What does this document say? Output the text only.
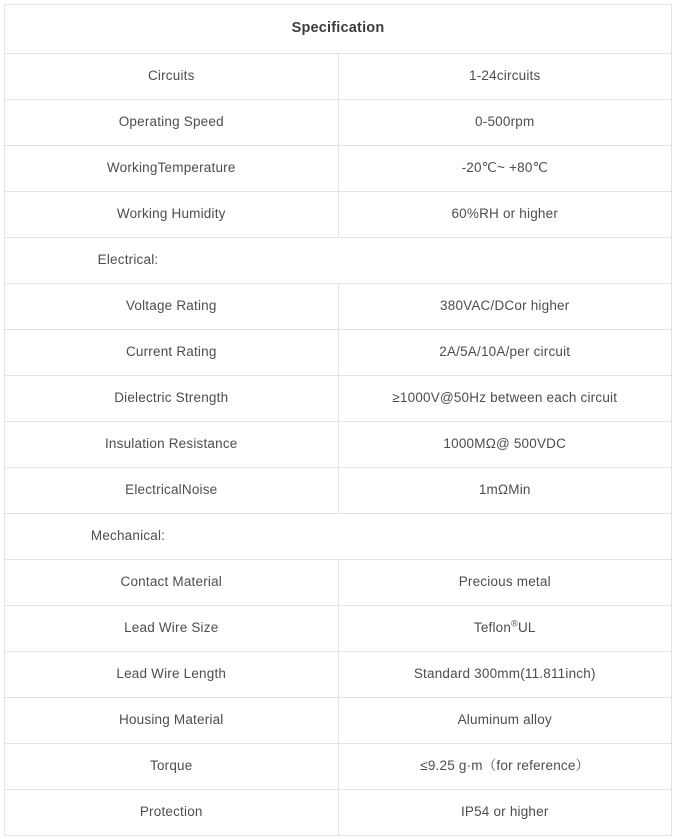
Specification	
Circuits	1-24circuits
Operating Speed	0-500rpm
WorkingTemperature	-20℃~ +80℃
Working Humidity	60%RH or higher

Electrical:	

Voltage Rating	380VAC/DCor higher
Current Rating	2A/5A/10A/per circuit
Dielectric Strength	≥1000V@50Hz between each circuit
Insulation Resistance	1000MΩ@ 500VDC
ElectricalNoise	1mΩMin

Mechanical:	

Contact Material	Precious metal
Lead Wire Size	Teflon®UL
Lead Wire Length	Standard 300mm(11.811inch)
Housing Material	Aluminum alloy
Torque	≤9.25 g·m（for reference）
Protection	IP54 or higher
